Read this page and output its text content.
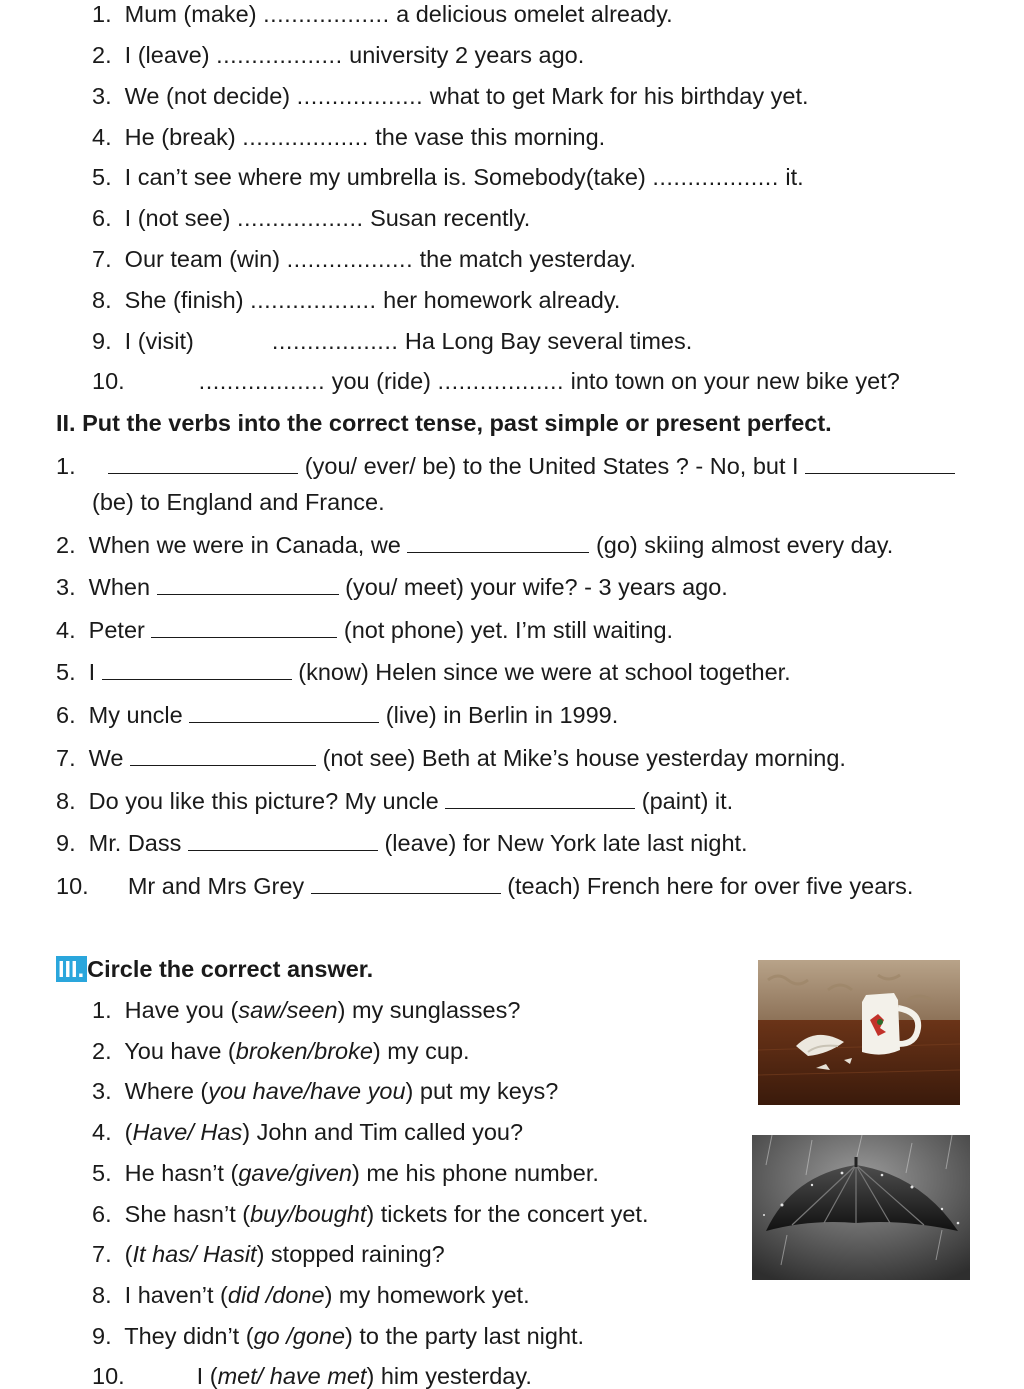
1. Mum (make) .................. a delicious omelet already.
2. I (leave) .................. university 2 years ago.
3. We (not decide) .................. what to get Mark for his birthday yet.
4. He (break) .................. the vase this morning.
5. I can’t see where my umbrella is. Somebody(take) .................. it.
6. I (not see) .................. Susan recently.
7. Our team (win) .................. the match yesterday.
8. She (finish) .................. her homework already.
9. I (visit)	.................. Ha Long Bay several times.
10.	.................. you (ride) .................. into town on your new bike yet?
II. Put the verbs into the correct tense, past simple or present perfect.
1.	(you/ ever/ be) to the United States ? - No, but I
(be) to England and France.
2. When we were in Canada, we	(go) skiing almost every day.
3. When	(you/ meet) your wife? - 3 years ago.
4. Peter	(not phone) yet. I’m still waiting.
5. I	(know) Helen since we were at school together.
6. My uncle	(live) in Berlin in 1999.
7. We	(not see) Beth at Mike’s house yesterday morning.
8. Do you like this picture? My uncle	(paint) it.
9. Mr. Dass	(leave) for New York late last night.
10. Mr and Mrs Grey	(teach) French here for over five years.
III. Circle the correct answer.
1. Have you (saw/seen) my sunglasses?
2. You have (broken/broke) my cup.
3. Where (you have/have you) put my keys?
4. (Have/ Has) John and Tim called you?
5. He hasn’t (gave/given) me his phone number.
6. She hasn’t (buy/bought) tickets for the concert yet.
7. (It has/ Hasit) stopped raining?
8. I haven’t (did /done) my homework yet.
9. They didn’t (go /gone) to the party last night.
10.	I (met/ have met) him yesterday.
